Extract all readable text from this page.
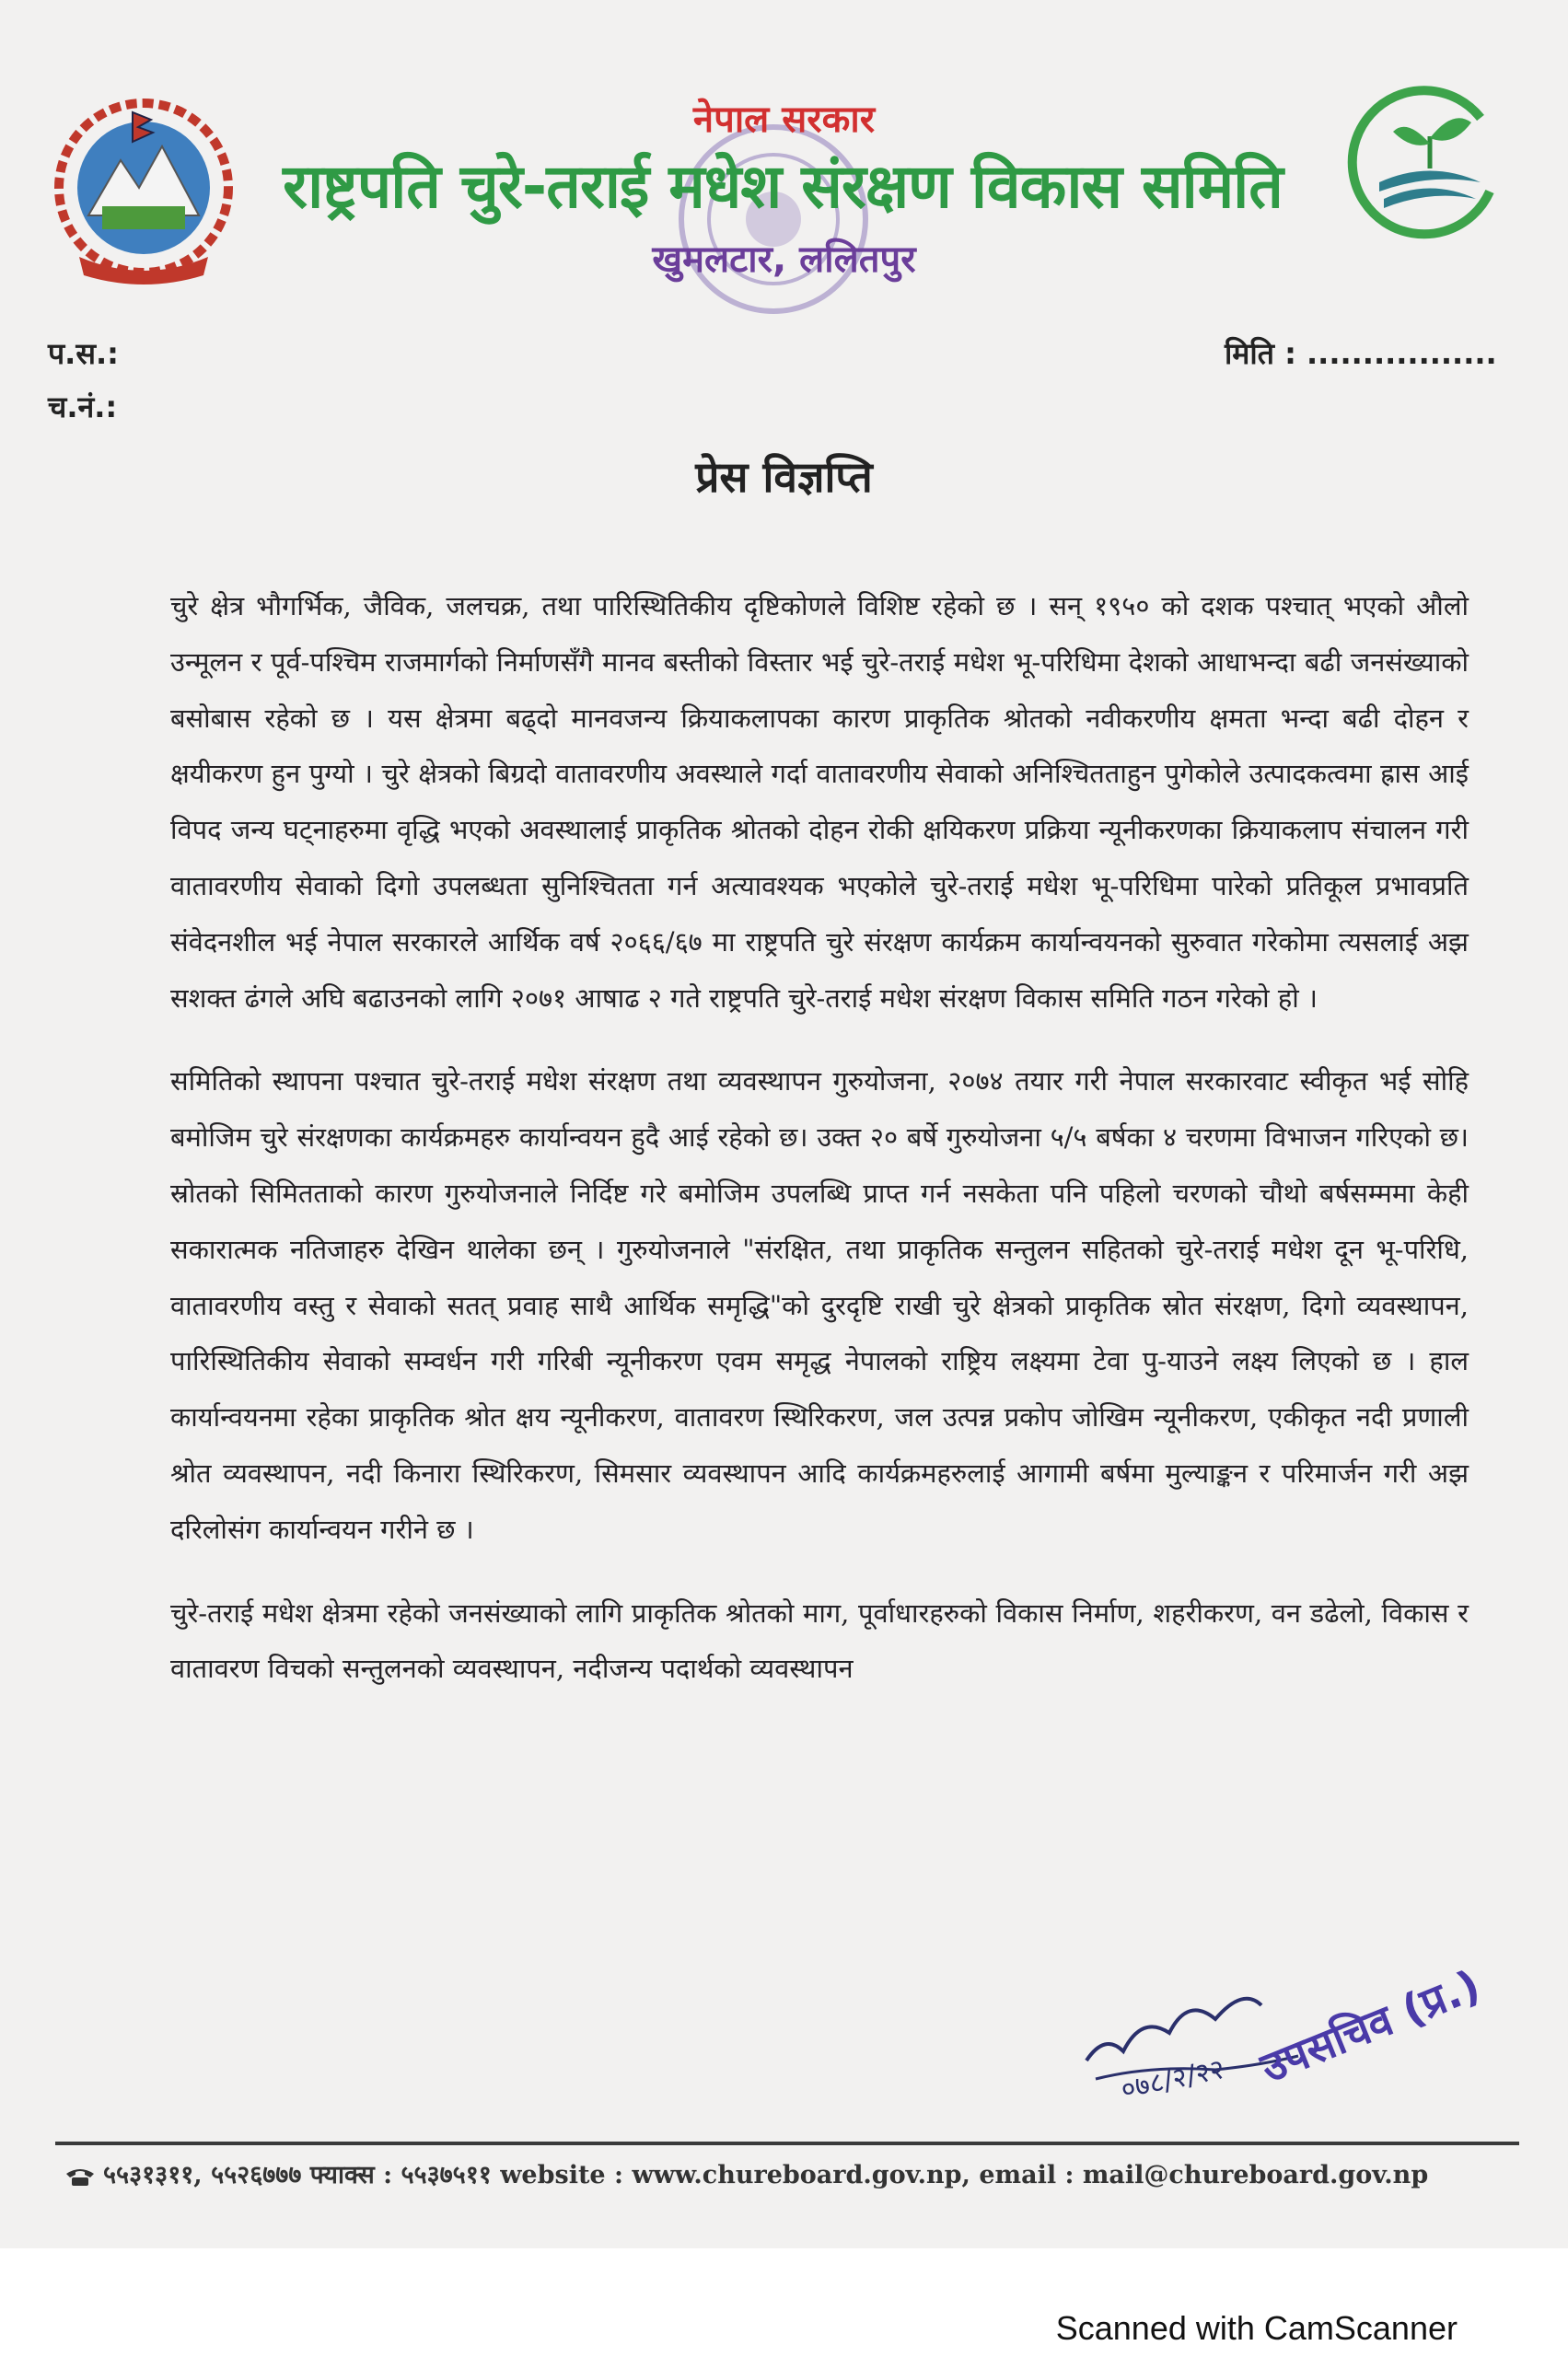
नेपाल सरकार
राष्ट्रपति चुरे-तराई मधेश संरक्षण विकास समिति
खुमलटार, ललितपुर
प.स.:
च.नं.:
मिति : .................
प्रेस विज्ञप्ति

चुरे क्षेत्र भौगर्भिक, जैविक, जलचक्र, तथा पारिस्थितिकीय दृष्टिकोणले विशिष्ट रहेको छ । सन् १९५० को दशक पश्चात् भएको औलो उन्मूलन र पूर्व-पश्चिम राजमार्गको निर्माणसँगै मानव बस्तीको विस्तार भई चुरे-तराई मधेश भू-परिधिमा देशको आधाभन्दा बढी जनसंख्याको बसोबास रहेको छ । यस क्षेत्रमा बढ्दो मानवजन्य क्रियाकलापका कारण प्राकृतिक श्रोतको नवीकरणीय क्षमता भन्दा बढी दोहन र क्षयीकरण हुन पुग्यो । चुरे क्षेत्रको बिग्रदो वातावरणीय अवस्थाले गर्दा वातावरणीय सेवाको अनिश्चितताहुन पुगेकोले उत्पादकत्वमा ह्रास आई विपद जन्य घट्नाहरुमा वृद्धि भएको अवस्थालाई प्राकृतिक श्रोतको दोहन रोकी क्षयिकरण प्रक्रिया न्यूनीकरणका क्रियाकलाप संचालन गरी वातावरणीय सेवाको दिगो उपलब्धता सुनिश्चितता गर्न अत्यावश्यक भएकोले चुरे-तराई मधेश भू-परिधिमा पारेको प्रतिकूल प्रभावप्रति संवेदनशील भई नेपाल सरकारले आर्थिक वर्ष २०६६/६७ मा राष्ट्रपति चुरे संरक्षण कार्यक्रम कार्यान्वयनको सुरुवात गरेकोमा त्यसलाई अझ सशक्त ढंगले अघि बढाउनको लागि २०७१ आषाढ २ गते राष्ट्रपति चुरे-तराई मधेश संरक्षण विकास समिति गठन गरेको हो ।

समितिको स्थापना पश्चात चुरे-तराई मधेश संरक्षण तथा व्यवस्थापन गुरुयोजना, २०७४ तयार गरी नेपाल सरकारवाट स्वीकृत भई सोहि बमोजिम चुरे संरक्षणका कार्यक्रमहरु कार्यान्वयन हुदै आई रहेको छ। उक्त २० बर्षे गुरुयोजना ५/५ बर्षका ४ चरणमा विभाजन गरिएको छ। स्रोतको सिमितताको कारण गुरुयोजनाले निर्दिष्ट गरे बमोजिम उपलब्धि प्राप्त गर्न नसकेता पनि पहिलो चरणको चौथो बर्षसम्ममा केही सकारात्मक नतिजाहरु देखिन थालेका छन् । गुरुयोजनाले "संरक्षित, तथा प्राकृतिक सन्तुलन सहितको चुरे-तराई मधेश दून भू-परिधि, वातावरणीय वस्तु र सेवाको सतत् प्रवाह साथै आर्थिक समृद्धि"को दुरदृष्टि राखी चुरे क्षेत्रको प्राकृतिक स्रोत संरक्षण, दिगो व्यवस्थापन, पारिस्थितिकीय सेवाको सम्वर्धन गरी गरिबी न्यूनीकरण एवम समृद्ध नेपालको राष्ट्रिय लक्ष्यमा टेवा पु-याउने लक्ष्य लिएको छ । हाल कार्यान्वयनमा रहेका प्राकृतिक श्रोत क्षय न्यूनीकरण, वातावरण स्थिरिकरण, जल उत्पन्न प्रकोप जोखिम न्यूनीकरण, एकीकृत नदी प्रणाली श्रोत व्यवस्थापन, नदी किनारा स्थिरिकरण, सिमसार व्यवस्थापन आदि कार्यक्रमहरुलाई आगामी बर्षमा मुल्याङ्कन र परिमार्जन गरी अझ दरिलोसंग कार्यान्वयन गरीने छ ।

चुरे-तराई मधेश क्षेत्रमा रहेको जनसंख्याको लागि प्राकृतिक श्रोतको माग, पूर्वाधारहरुको विकास निर्माण, शहरीकरण, वन डढेलो, विकास र वातावरण विचको सन्तुलनको व्यवस्थापन, नदीजन्य पदार्थको व्यवस्थापन

०७८/२/२२ उपसचिव (प्र.)
५५३१३११, ५५२६७७७ फ्याक्स : ५५३७५११ website : www.chureboard.gov.np, email : mail@chureboard.gov.np
Scanned with CamScanner
